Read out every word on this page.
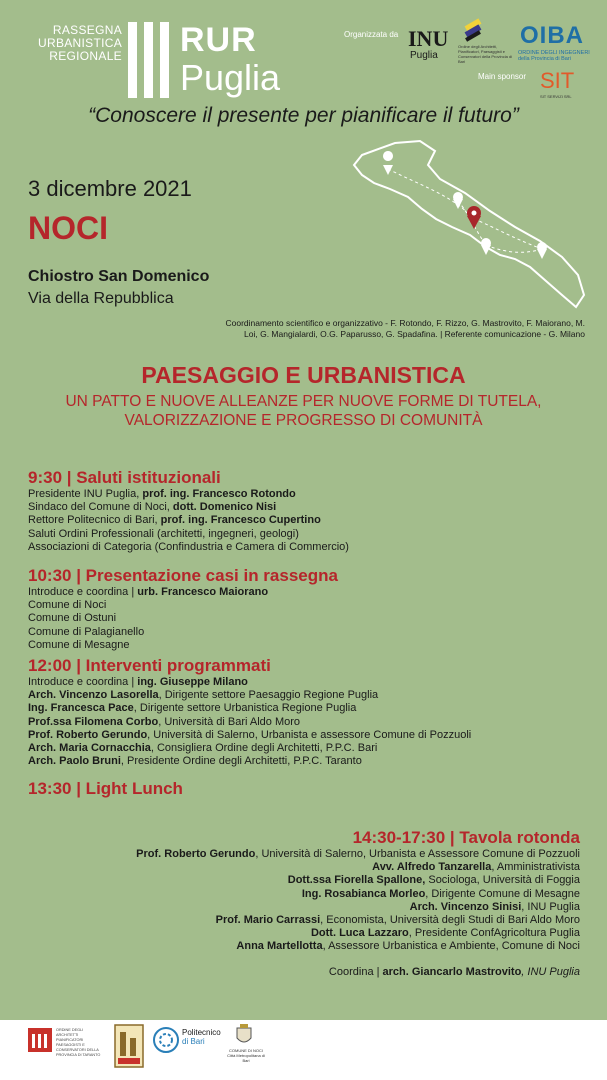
RASSEGNA
URBANISTICA
REGIONALE RUR
Puglia
Organizzata da INU
Puglia
Ordine degli Architetti, Pianificatori, Paesaggisti e Conservatori della Provincia di Bari
OIBA
ORDINE DEGLI INGEGNERI della Provincia di Bari
Main sponsor SIT
SIT SERVIZI SRL
“Conoscere il presente per pianificare il futuro”
3 dicembre 2021
NOCI
Chiostro San Domenico
Via della Repubblica
Coordinamento scientifico e organizzativo - F. Rotondo, F. Rizzo, G. Mastrovito, F. Maiorano, M.
Loi, G. Mangialardi, O.G. Paparusso, G. Spadafina. | Referente comunicazione - G. Milano
PAESAGGIO E URBANISTICA
UN PATTO E NUOVE ALLEANZE PER NUOVE FORME DI TUTELA,
VALORIZZAZIONE E PROGRESSO DI COMUNITÀ
9:30 | Saluti istituzionali
Presidente INU Puglia, prof. ing. Francesco Rotondo
Sindaco del Comune di Noci, dott. Domenico Nisi
Rettore Politecnico di Bari, prof. ing. Francesco Cupertino
Saluti Ordini Professionali (architetti, ingegneri, geologi)
Associazioni di Categoria (Confindustria e Camera di Commercio)
10:30 | Presentazione casi in rassegna
Introduce e coordina | urb. Francesco Maiorano
Comune di Noci
Comune di Ostuni
Comune di Palagianello
Comune di Mesagne
12:00 | Interventi programmati
Introduce e coordina | ing. Giuseppe Milano
Arch. Vincenzo Lasorella, Dirigente settore Paesaggio Regione Puglia
Ing. Francesca Pace, Dirigente settore Urbanistica Regione Puglia
Prof.ssa Filomena Corbo, Università di Bari Aldo Moro
Prof. Roberto Gerundo, Università di Salerno, Urbanista e assessore Comune di Pozzuoli
Arch. Maria Cornacchia, Consigliera Ordine degli Architetti, P.P.C. Bari
Arch. Paolo Bruni, Presidente Ordine degli Architetti, P.P.C. Taranto
13:30 | Light Lunch
14:30-17:30 | Tavola rotonda
Prof. Roberto Gerundo, Università di Salerno, Urbanista e Assessore Comune di Pozzuoli
Avv. Alfredo Tanzarella, Amministrativista
Dott.ssa Fiorella Spallone, Sociologa, Università di Foggia
Ing. Rosabianca Morleo, Dirigente Comune di Mesagne
Arch. Vincenzo Sinisi, INU Puglia
Prof. Mario Carrassi, Economista, Università degli Studi di Bari Aldo Moro
Dott. Luca Lazzaro, Presidente ConfAgricoltura Puglia
Anna Martellotta, Assessore Urbanistica e Ambiente, Comune di Noci
Coordina | arch. Giancarlo Mastrovito, INU Puglia
ORDINE DEGLI ARCHITETTI PIANIFICATORI PAESAGGISTI E CONSERVATORI DELLA PROVINCIA DI TARANTO
Politecnico
di Bari
COMUNE DI NOCI
Città Metropolitana di Bari
